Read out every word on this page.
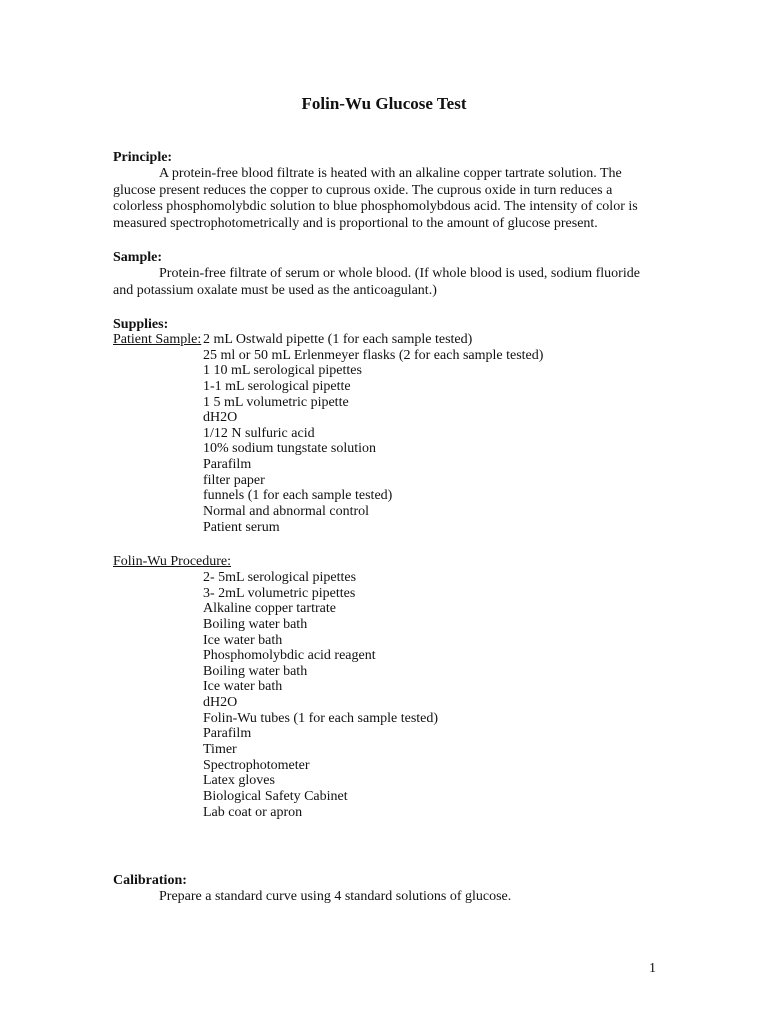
Folin-Wu Glucose Test
Principle:
A protein-free blood filtrate is heated with an alkaline copper tartrate solution. The glucose present reduces the copper to cuprous oxide. The cuprous oxide in turn reduces a colorless phosphomolybdic solution to blue phosphomolybdous acid. The intensity of color is measured spectrophotometrically and is proportional to the amount of glucose present.
Sample:
Protein-free filtrate of serum or whole blood. (If whole blood is used, sodium fluoride and potassium oxalate must be used as the anticoagulant.)
Supplies:
Patient Sample: 2 mL Ostwald pipette (1 for each sample tested)
25 ml or 50 mL Erlenmeyer flasks (2 for each sample tested)
1 10 mL serological pipettes
1-1 mL serological pipette
1 5 mL volumetric pipette
dH2O
1/12 N sulfuric acid
10% sodium tungstate solution
Parafilm
filter paper
funnels (1 for each sample tested)
Normal and abnormal control
Patient serum
Folin-Wu Procedure:
2- 5mL serological pipettes
3- 2mL volumetric pipettes
Alkaline copper tartrate
Boiling water bath
Ice water bath
Phosphomolybdic acid reagent
Boiling water bath
Ice water bath
dH2O
Folin-Wu tubes (1 for each sample tested)
Parafilm
Timer
Spectrophotometer
Latex gloves
Biological Safety Cabinet
Lab coat or apron
Calibration:
Prepare a standard curve using 4 standard solutions of glucose.
1
